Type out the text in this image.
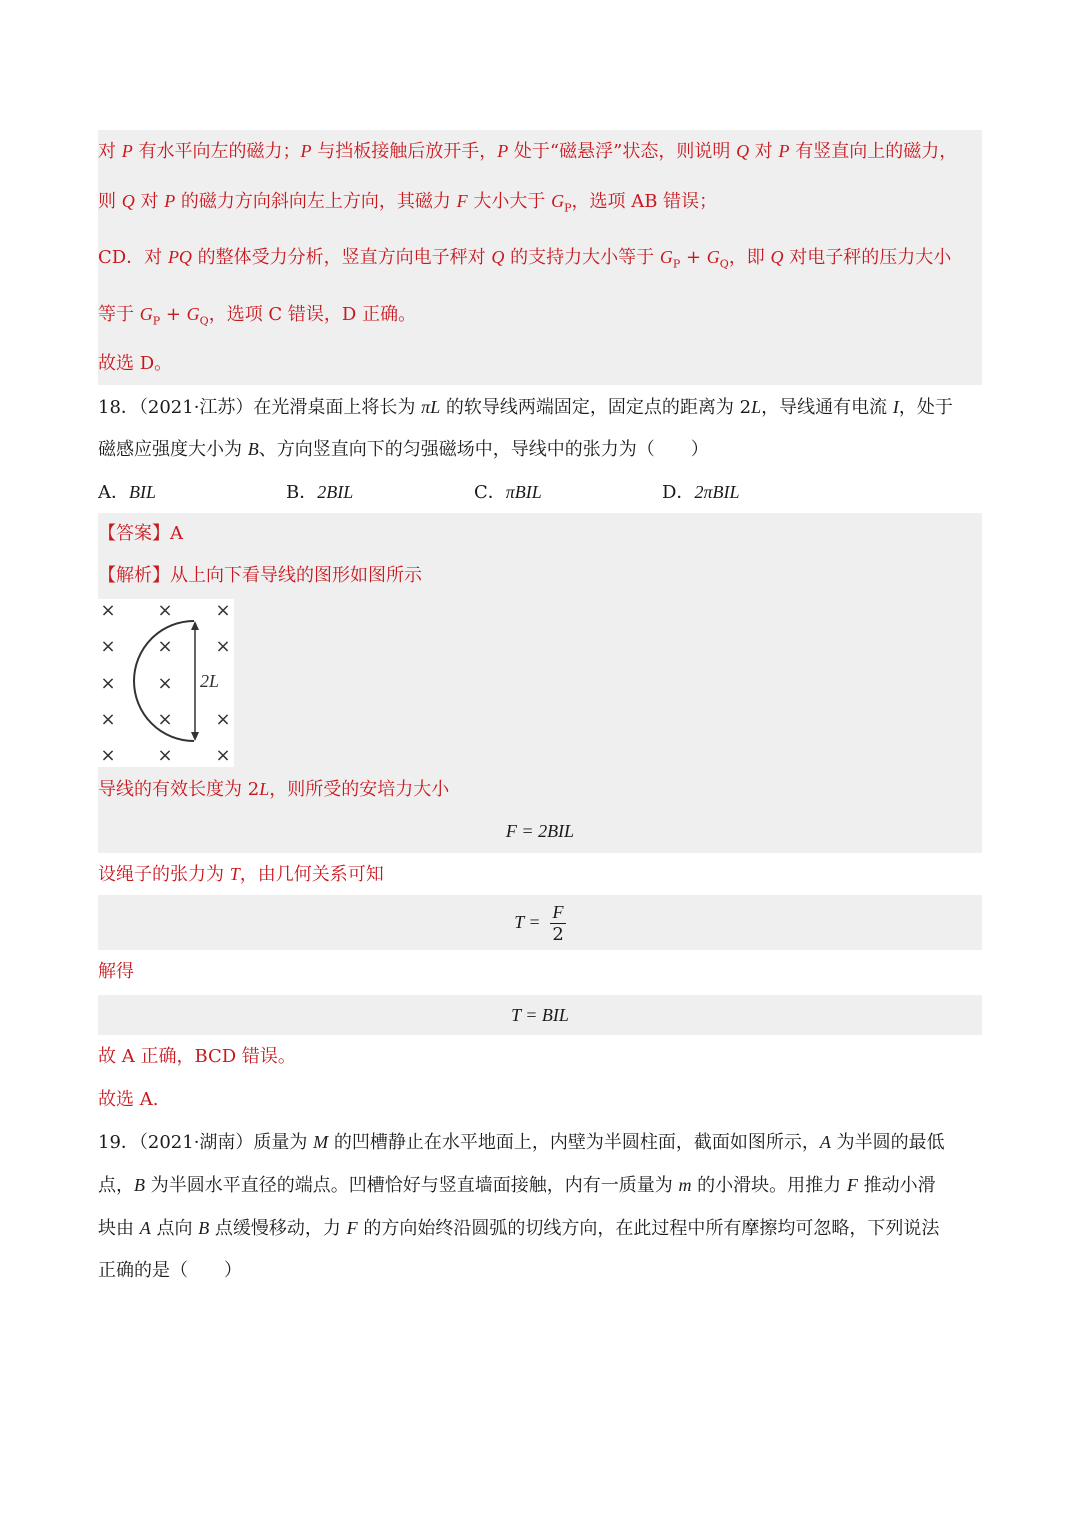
对 P 有水平向左的磁力；P 与挡板接触后放开手，P 处于“磁悬浮”状态，则说明 Q 对 P 有竖直向上的磁力，
则 Q 对 P 的磁力方向斜向左上方向，其磁力 F 大小大于 $G_P$，选项 AB 错误；
CD．对 PQ 的整体受力分析，竖直方向电子秤对 Q 的支持力大小等于 $G_P + G_Q$，即 Q 对电子秤的压力大小
等于 $G_P + G_Q$，选项 C 错误，D 正确。
故选 D。
18．（2021·江苏）在光滑桌面上将长为 πL 的软导线两端固定，固定点的距离为 2L，导线通有电流 I，处于
磁感应强度大小为 B、方向竖直向下的匀强磁场中，导线中的张力为（　　）
A．BIL	B．2BIL	C．πBIL	D．2πBIL
【答案】A
【解析】从上向下看导线的图形如图所示
× × ×
× × ×
× ×
× × ×
× × ×
2L
导线的有效长度为 2L，则所受的安培力大小
F = 2BIL
设绳子的张力为 T，由几何关系可知
$T = \frac{F}{2}$
解得
T = BIL
故 A 正确，BCD 错误。
故选 A.
19．（2021·湖南）质量为 M 的凹槽静止在水平地面上，内壁为半圆柱面，截面如图所示，A 为半圆的最低
点，B 为半圆水平直径的端点。凹槽恰好与竖直墙面接触，内有一质量为 m 的小滑块。用推力 F 推动小滑
块由 A 点向 B 点缓慢移动，力 F 的方向始终沿圆弧的切线方向，在此过程中所有摩擦均可忽略，下列说法
正确的是（　　）
